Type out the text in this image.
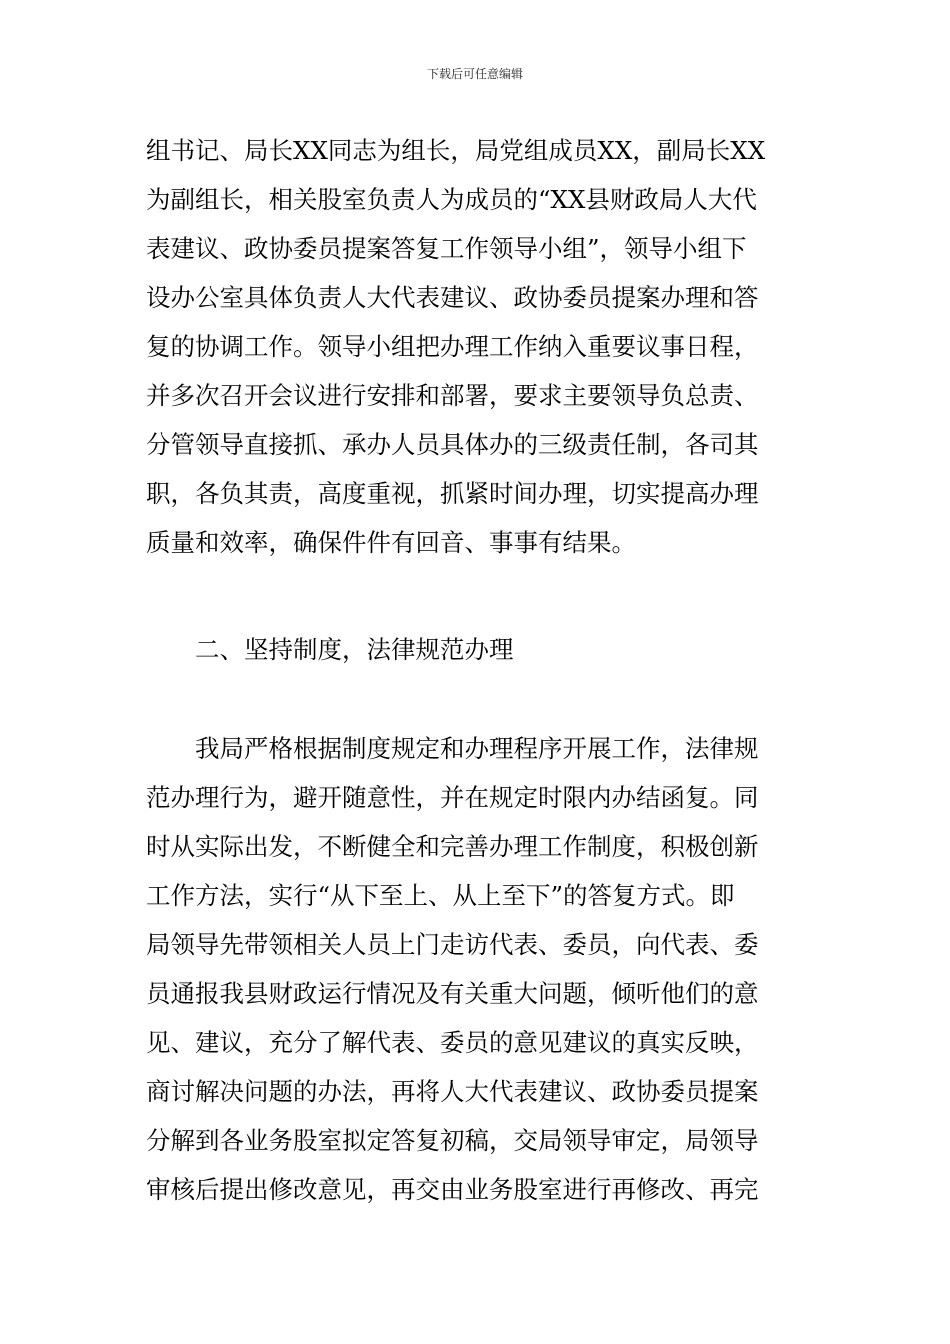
下载后可任意编辑
组书记、局长XX同志为组长，局党组成员XX，副局长XX
为副组长，相关股室负责人为成员的“XX县财政局人大代
表建议、政协委员提案答复工作领导小组”，领导小组下
设办公室具体负责人大代表建议、政协委员提案办理和答
复的协调工作。领导小组把办理工作纳入重要议事日程，
并多次召开会议进行安排和部署，要求主要领导负总责、
分管领导直接抓、承办人员具体办的三级责任制，各司其
职，各负其责，高度重视，抓紧时间办理，切实提高办理
质量和效率，确保件件有回音、事事有结果。
二、坚持制度，法律规范办理
　　我局严格根据制度规定和办理程序开展工作，法律规
范办理行为，避开随意性，并在规定时限内办结函复。同
时从实际出发，不断健全和完善办理工作制度，积极创新
工作方法，实行“从下至上、从上至下”的答复方式。即
局领导先带领相关人员上门走访代表、委员，向代表、委
员通报我县财政运行情况及有关重大问题，倾听他们的意
见、建议，充分了解代表、委员的意见建议的真实反映，
商讨解决问题的办法，再将人大代表建议、政协委员提案
分解到各业务股室拟定答复初稿，交局领导审定，局领导
审核后提出修改意见，再交由业务股室进行再修改、再完
